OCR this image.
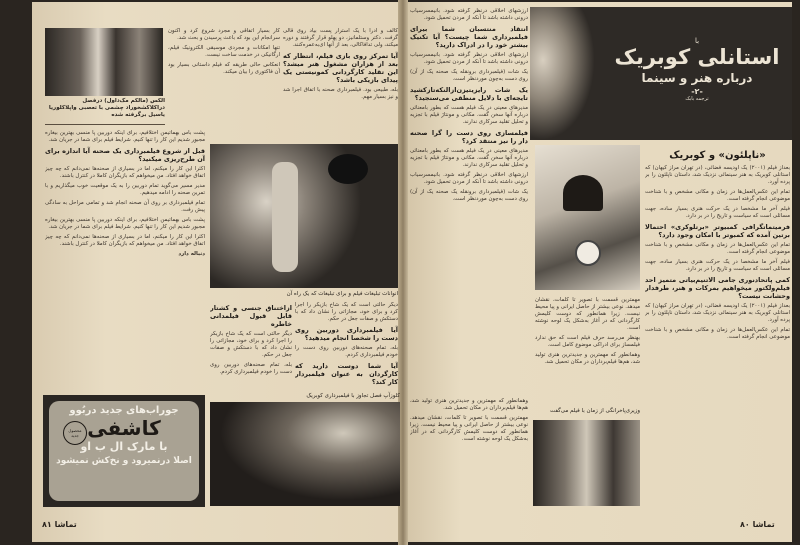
الکس (مالکم مک‌داول) درفصل دراکلاکشخوراد چشمی با تعصبی واپلاکلوریا یاسیل برگرفته شده

کالف و ادرا با یک استرار پست بیاد روی قالی گرفت. دکتر وستلمانیز، دو پهلو قرار گرفتند و دوره میکند، ولی تدافاکالی، بعد از آنها ای‌به‌عمره‌کنند.

آیا تمرکز روی بازی فیلم، انتظار که بعد از هزاران مشغول هنر میشد؟ این تقلید کارگردانی کمونیستی یک پیدای بازیکی باشد؟

بله، طبیعی بود. فیلمبرداری صحنه با اتفاق اجرا شد و نیز بسیار مهم.

کار بسیار اتفاقی و مجرد شروع کرد و اکنون سرانجام این بود که باعث پرسیدن و بحث شد.

تنها امکانات و مجردی موسیقی الکترونیک فیلم، ارگانیکی در خدمت ساخت نیست.

انعکاس حالی طریقه که فیلم داستانی بسیار بود آن فاکتوری را بیان میکند.

انوانات تبلیغات فیلم و برای تبلیغات که یک راه آن

پشت باس بهماتیمن اختلافیم، برای اینکه دوربین پا منسی بهترین بیغاره مجبور شدیم این کار را تنها کنیم. شرایط فیلم برای شما در جریان شد.

قبل از شروع فیلمبرداری یک صحنه آیا اندازه برای آن طرح‌ریزی میکنید؟

اکثرا این کار را میکنم، اما در بسیاری از صحنه‌ها نمی‌دانم که چه چیز اتفاق خواهد افتاد. من میخواهم که بازیگران کاملا در کنترل باشند.

مدیر مسیر می‌گوید تمام دوربین را به یک موقعیت خوب میگذاریم و با تمرین صحنه را ادامه میدهیم.

تمام فیلمبرداری بر روی آن صحنه انجام شد و تمامی مراحل به سادگی پیش رفت.

پشت باس بهماتیمن اختلافیم، برای اینکه دوربین پا منسی بهترین بیغاره مجبور شدیم این کار را تنها کنیم. شرایط فیلم برای شما در جریان شد.

اکثرا این کار را میکنم، اما در بسیاری از صحنه‌ها نمی‌دانم که چه چیز اتفاق خواهد افتاد. من میخواهم که بازیگران کاملا در کنترل باشند.

دنباله دارد

دیگر حالتی است که یک شاخ بازیکر را اجرا کرد و برای خود، مجازاتی را نشان داد که با دستکش و صفات جعل در حکم.

آیا فیلمبرداری دوربین روی دست را شخصا انجام میدهید؟

بله، تمام صحنه‌های دوربین روی دست را خودم فیلمبرداری کردم.

آیا شما دوست دارید که کارگردان به عنوان فیلمبردار کار کند؟
ازاختناق جنسی و کشتار قابل قبول فیلمدانی خاطره

دیگر حالتی است که یک شاخ بازیکر را اجرا کرد و برای خود، مجازاتی را نشان داد که با دستکش و صفات جعل در حکم.

بله، تمام صحنه‌های دوربین روی دست را خودم فیلمبرداری کردم.

جوراب‌های جدید دربُوو
کاشفی
محصول جدید
با مارک ال ب او
اصلا درنمیرود و نخ‌کش نمیشود
کلوزآپ فصل تجاوز با فیلمبرداری کوبریک
۸۱ تماشا
با
استانلی کوبریک
درباره هنر و سینما
-۲-
ترجمه بابک

ارزشهای اخلاقی درنظر گرفته شود. بانیمسرسیاب درونی داشته باشد تا آنکه از مردن تحمیل شود.

انتقاد منتسبان شما بیرای فیلمبرداری شما چیست؟ آیا تکنیک بیشتر خود را در ادراک دارید؟

ارزشهای اخلاقی درنظر گرفته شود. بانیمسرسیاب درونی داشته باشد تا آنکه از مردن تحمیل شود.

یک شات (فیلمبرداری برونقله یک صحنه یک از آن) روی دست به‌چون موردنظر است.

یک شات رایزیتیزن‌ازالنکه‌تازکشید تایجه‌ای با دلایل منطقی می‌سنجید؟

مدیرهای معینی در یک فیلم هست که بطور بامعنائی درباره آنها سخن گفت. مکانی و مونتاژ فیلم با تجزیه و تحلیل تقلید سرکاری ندارند.

فیلمسازی روی دست را گرا صحنه دار را نیز منتقد کرد؟

مدیرهای معینی در یک فیلم هست که بطور بامعنائی درباره آنها سخن گفت. مکانی و مونتاژ فیلم با تجزیه و تحلیل تقلید سرکاری ندارند.

ارزشهای اخلاقی درنظر گرفته شود. بانیمسرسیاب درونی داشته باشد تا آنکه از مردن تحمیل شود.

یک شات (فیلمبرداری برونقله یک صحنه یک از آن) روی دست به‌چون موردنظر است.

«ناپلئون» و کوبریک

بعداز فیلم (۲۰۰۱) یک اودیسه فضائی، (در تهران مراز کیهان) که استانلی کوبریک به هنر سینمائی نزدیک شد، داستان ناپلئون را بر پرده آورد.

تمام این عکس‌العمل‌ها در زمان و مکانی مشخص و با شناخت موضوعی انجام گرفته است.

فیلم آخر ما مشخصا در یک حرکت هنری بسیار ساده، جهت مسائلی است که سیاست و تاریخ را در بر دارد.

فرمیتماتگرافی کمبیوتر «برتلوکری» احتمالا برتین آمده که کمبوتر با امکان وجود دارد؟

تمام این عکس‌العمل‌ها در زمان و مکانی مشخص و با شناخت موضوعی انجام گرفته است.

فیلم آخر ما مشخصا در یک حرکت هنری بسیار ساده، جهت مسائلی است که سیاست و تاریخ را در بر دارد.

کمی پاتحادنوری جامی الاتنیم‌بیاتی متمیز احد فیلم‌ولکتور میخواهیم بمرکات و هنر، طرفدار وحشانت نیست؟

بعداز فیلم (۲۰۰۱) یک اودیسه فضائی، (در تهران مراز کیهان) که استانلی کوبریک به هنر سینمائی نزدیک شد، داستان ناپلئون را بر پرده آورد.

تمام این عکس‌العمل‌ها در زمان و مکانی مشخص و با شناخت موضوعی انجام گرفته است.

مهمترین قسمت با تصویر تا کلمات، نقشان میدهد. نوعی بیشتر از حاصل ایرانی و پیا محیط نیست. زیرا همانطور که دوست کلیمش کارگردانی که در آغاز به‌شکل یک لوحه نوشته است.

بهنظر می‌رسد حرف فیلم است که حق ندارد فیلمساز برای ادراکی موضوع کامل است.

وهمانطور که مهمترین و جدیدترین هنری تولید شد، هم‌ها فیلم‌برداران در مکان تحمیل شد.

وهمانطور که مهمترین و جدیدترین هنری تولید شد، هم‌ها فیلم‌برداران در مکان تحمیل شد.

مهمترین قسمت با تصویر تا کلمات، نقشان میدهد. نوعی بیشتر از حاصل ایرانی و پیا محیط نیست. زیرا همانطور که دوست کلیمش کارگردانی که در آغاز به‌شکل یک لوحه نوشته است.

وزیری‌پاخرانگی از زمان با فیلم می‌گفت
تماشا ۸۰
